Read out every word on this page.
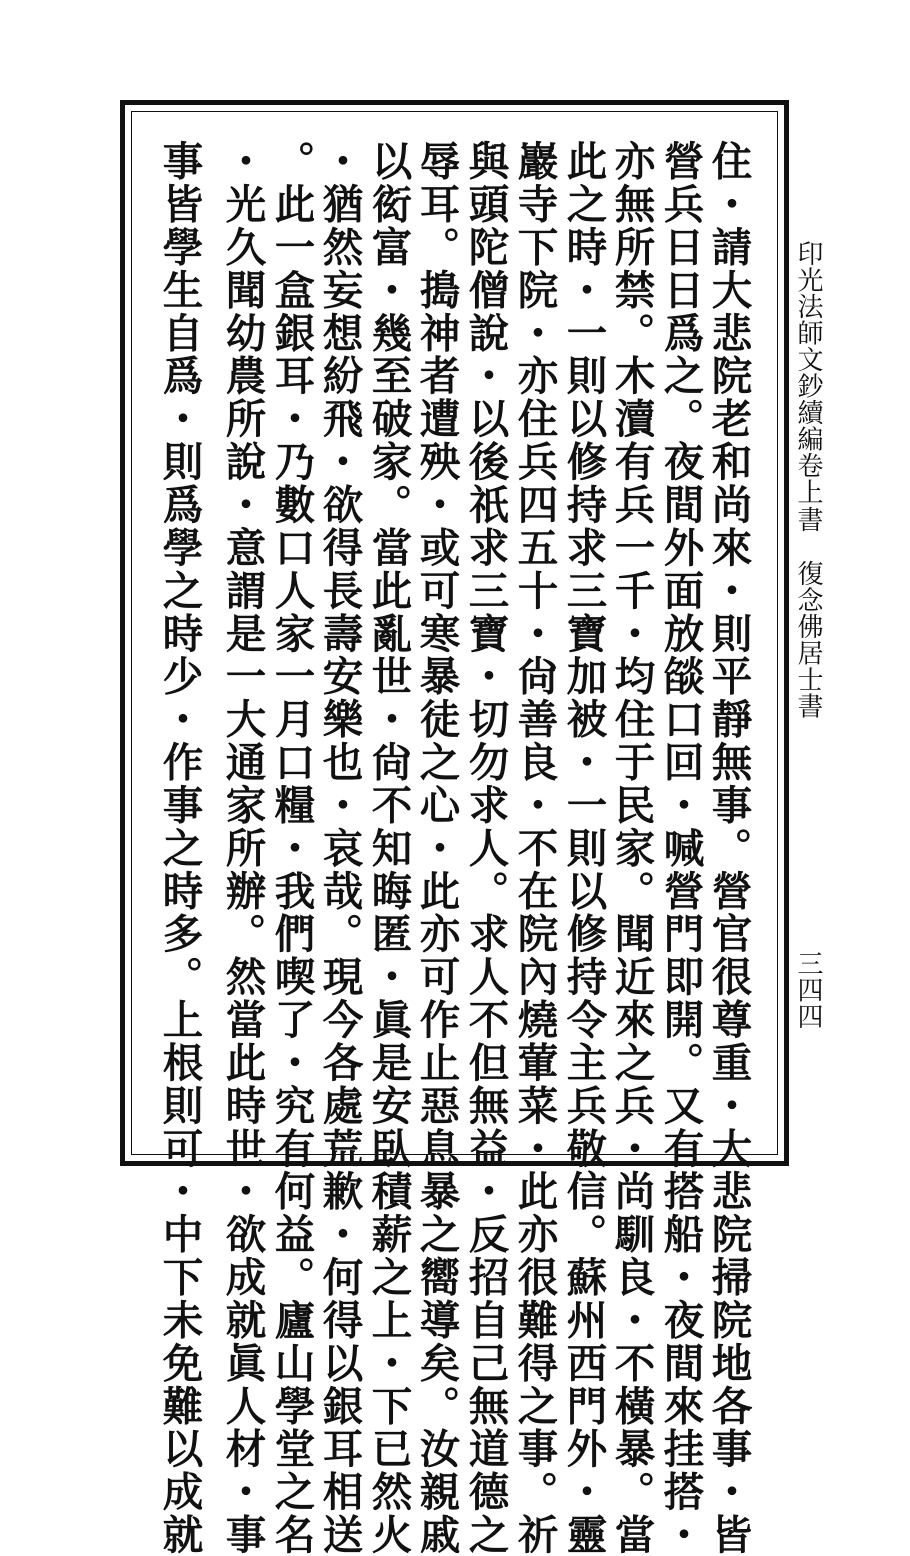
印光法師文鈔續編卷上
書
復念佛居士書
三四四
住・請大悲院老和尚來・則平靜無事。營官很尊重・大悲院掃院地各事・皆
營兵日日爲之。夜間外面放燄口回・喊營門即開。又有搭船・夜間來挂搭・
亦無所禁。木瀆有兵一千・均住于民家。聞近來之兵・尚馴良・不橫暴。當
此之時・一則以修持求三寶加被・一則以修持令主兵敬信。蘇州西門外・靈
巖寺下院・亦住兵四五十・尙善良・不在院內燒葷菜・此亦很難得之事。祈
與頭陀僧說・以後祇求三寶・切勿求人。求人不但無益・反招自己無道德之
辱耳。搗神者遭殃・或可寒暴徒之心・此亦可作止惡息暴之嚮導矣。汝親戚
以衒富・幾至破家。當此亂世・尙不知晦匿・眞是安臥積薪之上・下已然火
・猶然妄想紛飛・欲得長壽安樂也・哀哉。現今各處荒歉・何得以銀耳相送
。此一盒銀耳・乃數口人家一月口糧・我們喫了・究有何益。廬山學堂之名
・光久聞幼農所說・意謂是一大通家所辦。然當此時世・欲成就眞人材・事
事皆學生自爲・則爲學之時少・作事之時多。上根則可・中下未免難以成就
